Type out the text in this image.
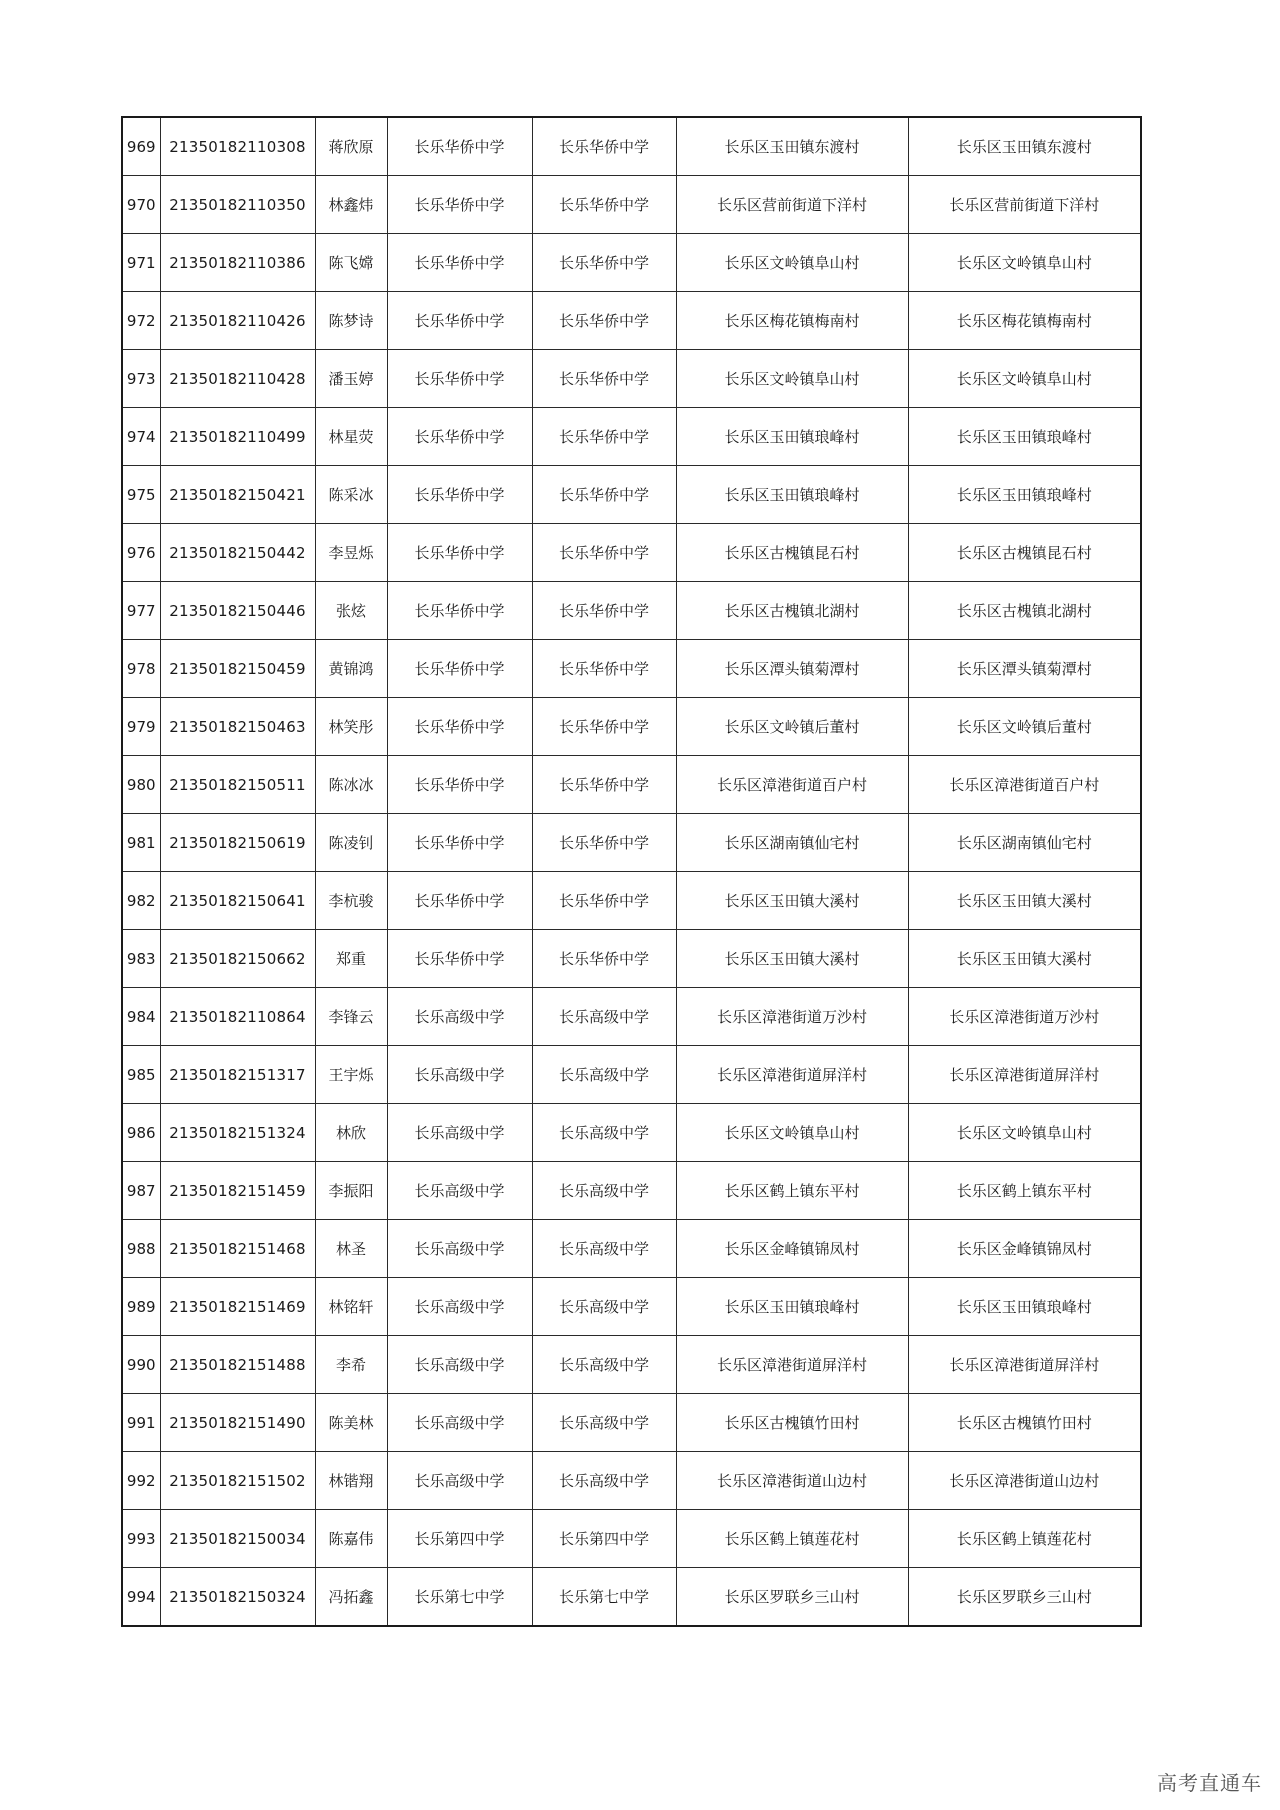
969	21350182110308	蒋欣原	长乐华侨中学	长乐华侨中学	长乐区玉田镇东渡村	长乐区玉田镇东渡村
970	21350182110350	林鑫炜	长乐华侨中学	长乐华侨中学	长乐区营前街道下洋村	长乐区营前街道下洋村
971	21350182110386	陈飞嫦	长乐华侨中学	长乐华侨中学	长乐区文岭镇阜山村	长乐区文岭镇阜山村
972	21350182110426	陈梦诗	长乐华侨中学	长乐华侨中学	长乐区梅花镇梅南村	长乐区梅花镇梅南村
973	21350182110428	潘玉婷	长乐华侨中学	长乐华侨中学	长乐区文岭镇阜山村	长乐区文岭镇阜山村
974	21350182110499	林星荧	长乐华侨中学	长乐华侨中学	长乐区玉田镇琅峰村	长乐区玉田镇琅峰村
975	21350182150421	陈采冰	长乐华侨中学	长乐华侨中学	长乐区玉田镇琅峰村	长乐区玉田镇琅峰村
976	21350182150442	李昱烁	长乐华侨中学	长乐华侨中学	长乐区古槐镇昆石村	长乐区古槐镇昆石村
977	21350182150446	张炫	长乐华侨中学	长乐华侨中学	长乐区古槐镇北湖村	长乐区古槐镇北湖村
978	21350182150459	黄锦鸿	长乐华侨中学	长乐华侨中学	长乐区潭头镇菊潭村	长乐区潭头镇菊潭村
979	21350182150463	林笑彤	长乐华侨中学	长乐华侨中学	长乐区文岭镇后董村	长乐区文岭镇后董村
980	21350182150511	陈冰冰	长乐华侨中学	长乐华侨中学	长乐区漳港街道百户村	长乐区漳港街道百户村
981	21350182150619	陈凌钊	长乐华侨中学	长乐华侨中学	长乐区湖南镇仙宅村	长乐区湖南镇仙宅村
982	21350182150641	李杭骏	长乐华侨中学	长乐华侨中学	长乐区玉田镇大溪村	长乐区玉田镇大溪村
983	21350182150662	郑重	长乐华侨中学	长乐华侨中学	长乐区玉田镇大溪村	长乐区玉田镇大溪村
984	21350182110864	李锋云	长乐高级中学	长乐高级中学	长乐区漳港街道万沙村	长乐区漳港街道万沙村
985	21350182151317	王宇烁	长乐高级中学	长乐高级中学	长乐区漳港街道屏洋村	长乐区漳港街道屏洋村
986	21350182151324	林欣	长乐高级中学	长乐高级中学	长乐区文岭镇阜山村	长乐区文岭镇阜山村
987	21350182151459	李振阳	长乐高级中学	长乐高级中学	长乐区鹤上镇东平村	长乐区鹤上镇东平村
988	21350182151468	林圣	长乐高级中学	长乐高级中学	长乐区金峰镇锦凤村	长乐区金峰镇锦凤村
989	21350182151469	林铭轩	长乐高级中学	长乐高级中学	长乐区玉田镇琅峰村	长乐区玉田镇琅峰村
990	21350182151488	李希	长乐高级中学	长乐高级中学	长乐区漳港街道屏洋村	长乐区漳港街道屏洋村
991	21350182151490	陈美林	长乐高级中学	长乐高级中学	长乐区古槐镇竹田村	长乐区古槐镇竹田村
992	21350182151502	林锴翔	长乐高级中学	长乐高级中学	长乐区漳港街道山边村	长乐区漳港街道山边村
993	21350182150034	陈嘉伟	长乐第四中学	长乐第四中学	长乐区鹤上镇莲花村	长乐区鹤上镇莲花村
994	21350182150324	冯拓鑫	长乐第七中学	长乐第七中学	长乐区罗联乡三山村	长乐区罗联乡三山村
高考直通车
